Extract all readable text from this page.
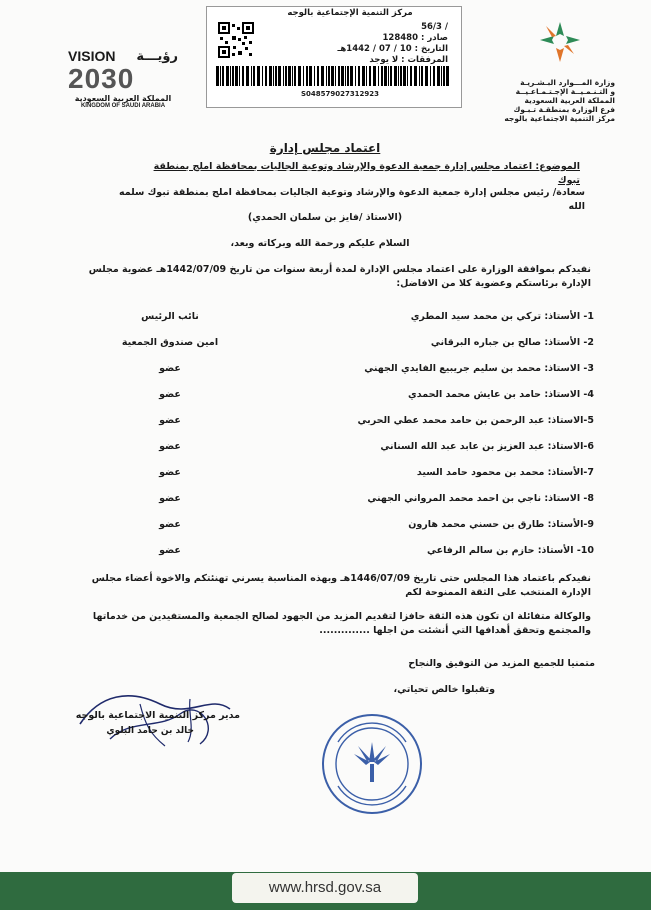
وزارة المـــوارد البـشـريـة
و التـنـمـيــة الإجـتـمـاعـيــة
المملكة العربية السعودية
فرع الوزارة بمنطقـة تـبـوك
مركز التنمية الاجتماعية بالوجه
VISION رؤيـــة
2030
المملكة العربية السعودية
KINGDOM OF SAUDI ARABIA
مركز التنمية الإجتماعية بالوجه
/ 56/3
صادر : 128480
التاريخ : 10 / 07 / 1442هـ
المرفقات : لا يوجد
S048579027312923
اعتماد مجلس إدارة
الموضوع: اعتماد مجلس إدارة جمعية الدعوة والإرشاد وتوعية الجاليات بمحافظة املج بمنطقة تبوك
سعادة/ رئيس مجلس إدارة جمعية الدعوة والإرشاد وتوعية الجاليات بمحافظة املج بمنطقة تبوك سلمه الله
(الاستاذ /فايز بن سلمان الحمدي)
السلام عليكم ورحمة الله وبركاته وبعد،
نفيدكم بموافقة الوزارة على اعتماد مجلس الإدارة لمدة أربعة سنوات من تاريخ 1442/07/09هـ عضوية مجلس الإدارة برئاستكم وعضوية كلا من الافاضل:
1- الأستاذ: تركي بن محمد سيد المطري
نائب الرئيس
2- الأستاذ: صالح بن جباره البرقاني
امين صندوق الجمعية
3- الاستاذ: محمد بن سليم جريبيع الفايدي الجهني
عضو
4- الاستاذ: حامد بن عايش محمد الحمدي
عضو
5-الاستاذ: عبد الرحمن بن حامد محمد عطي الحربي
عضو
6-الاستاذ: عبد العزيز بن عابد عبد الله السناني
عضو
7-الأستاذ: محمد بن محمود حامد السيد
عضو
8- الاستاذ: ناجي بن احمد محمد المرواني الجهني
عضو
9-الأستاذ: طارق بن حسني محمد هارون
عضو
10- الأستاذ: حازم بن سالم الرفاعي
عضو
نفيدكم باعتماد هذا المجلس حتى تاريخ 1446/07/09هـ وبهذه المناسبة يسرني تهنئتكم والاخوة أعضاء مجلس الإدارة المنتخب على الثقة الممنوحة لكم
والوكالة متفائلة ان تكون هذه الثقة حافزا لتقديم المزيد من الجهود لصالح الجمعية والمستفيدين من خدماتها والمجتمع وتحقق أهدافها التي أنشئت من اجلها ..............
متمنيا للجميع المزيد من التوفيق والنجاح
وتقبلوا خالص تحياتي،
مدير مركز التنمية الاجتماعية بالوجه
خالد بن حامد البلوي
www.hrsd.gov.sa
